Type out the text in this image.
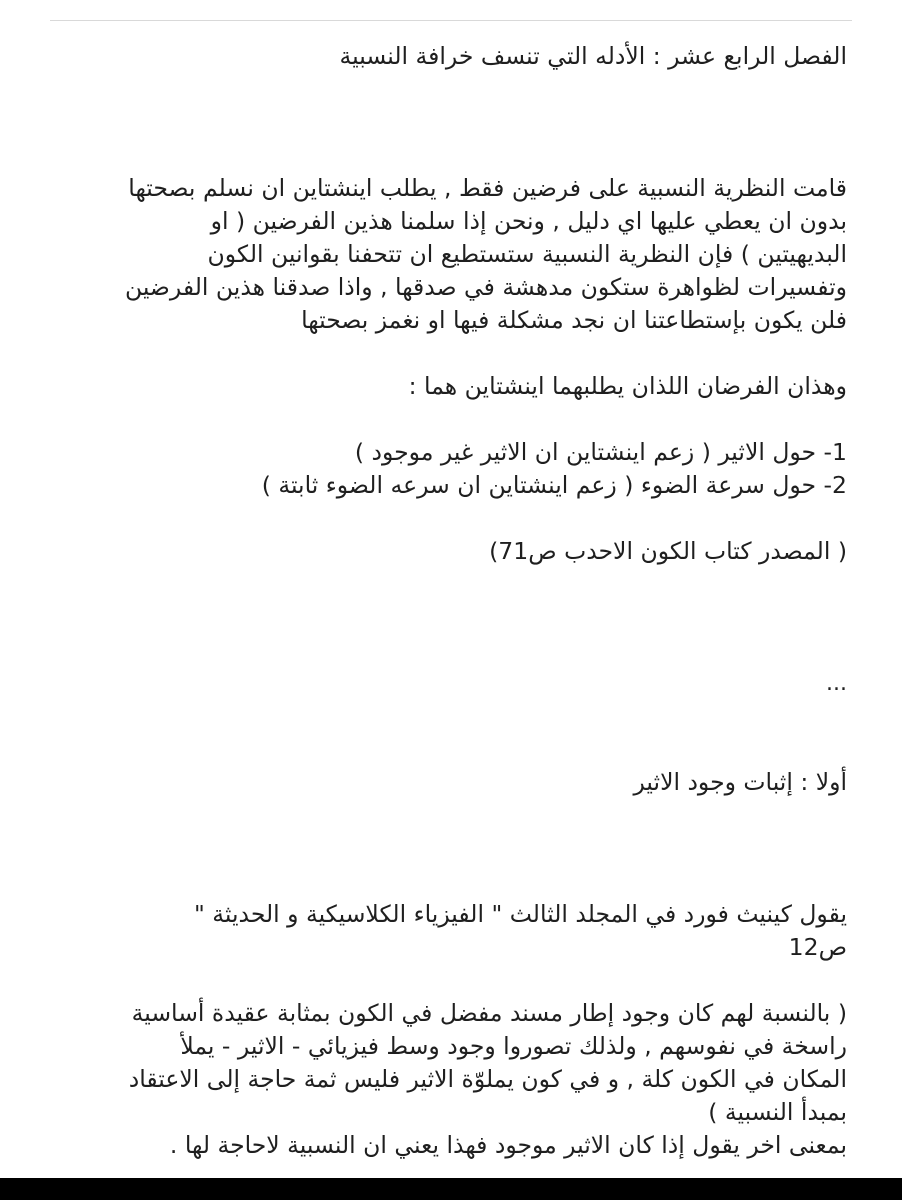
الفصل الرابع عشر : الأدله التي تنسف خرافة النسبية

قامت النظرية النسبية على فرضين فقط , يطلب اينشتاين ان نسلم بصحتها

بدون ان يعطي عليها اي دليل , ونحن إذا سلمنا هذين الفرضين ( او

البديهيتين ) فإن النظرية النسبية ستستطيع ان تتحفنا بقوانين الكون

وتفسيرات لظواهرة ستكون مدهشة في صدقها , واذا صدقنا هذين الفرضين

فلن يكون بإستطاعتنا ان نجد مشكلة فيها او نغمز بصحتها

وهذان الفرضان اللذان يطلبهما اينشتاين هما :

1- حول الاثير ( زعم اينشتاين ان الاثير غير موجود )

2- حول سرعة الضوء ( زعم اينشتاين ان سرعه الضوء ثابتة )

( المصدر كتاب الكون الاحدب ص71)

...

أولا : إثبات وجود الاثير

يقول كينيث فورد في المجلد الثالث " الفيزياء الكلاسيكية و الحديثة "

ص12

( بالنسبة لهم كان وجود إطار مسند مفضل في الكون بمثابة عقيدة أساسية

راسخة في نفوسهم , ولذلك تصوروا وجود وسط فيزيائي - الاثير - يملأ

المكان في الكون كلة , و في كون يملوّة الاثير فليس ثمة حاجة إلى الاعتقاد

بمبدأ النسبية )

بمعنى اخر يقول إذا كان الاثير موجود فهذا يعني ان النسبية لاحاجة لها .
